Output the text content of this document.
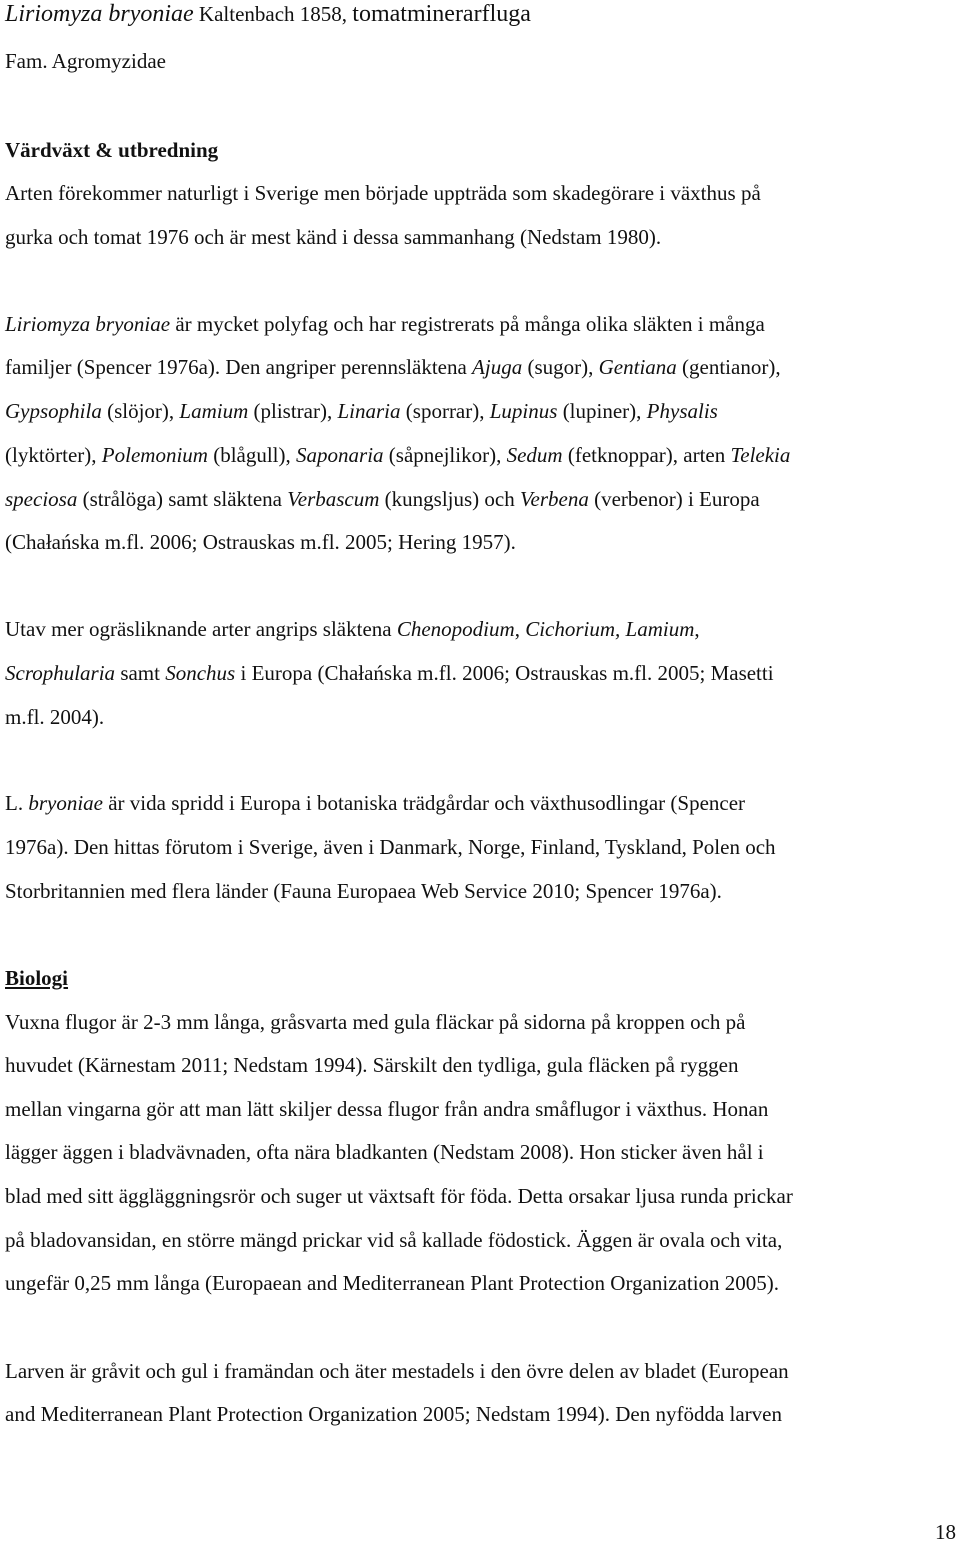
Liriomyza bryoniae Kaltenbach 1858, tomatminerarfluga
Fam. Agromyzidae
Värdväxt & utbredning
Arten förekommer naturligt i Sverige men började uppträda som skadegörare i växthus på
gurka och tomat 1976 och är mest känd i dessa sammanhang (Nedstam 1980).
Liriomyza bryoniae är mycket polyfag och har registrerats på många olika släkten i många
familjer (Spencer 1976a). Den angriper perennsläktena Ajuga (sugor), Gentiana (gentianor),
Gypsophila (slöjor), Lamium (plistrar), Linaria (sporrar), Lupinus (lupiner), Physalis
(lyktörter), Polemonium (blågull), Saponaria (såpnejlikor), Sedum (fetknoppar), arten Telekia
speciosa (strålöga) samt släktena Verbascum (kungsljus) och Verbena (verbenor) i Europa
(Chałańska m.fl. 2006; Ostrauskas m.fl. 2005; Hering 1957).
Utav mer ogräsliknande arter angrips släktena Chenopodium, Cichorium, Lamium,
Scrophularia samt Sonchus i Europa (Chałańska m.fl. 2006; Ostrauskas m.fl. 2005; Masetti
m.fl. 2004).
L. bryoniae är vida spridd i Europa i botaniska trädgårdar och växthusodlingar (Spencer
1976a). Den hittas förutom i Sverige, även i Danmark, Norge, Finland, Tyskland, Polen och
Storbritannien med flera länder (Fauna Europaea Web Service 2010; Spencer 1976a).
Biologi
Vuxna flugor är 2-3 mm långa, gråsvarta med gula fläckar på sidorna på kroppen och på
huvudet (Kärnestam 2011; Nedstam 1994). Särskilt den tydliga, gula fläcken på ryggen
mellan vingarna gör att man lätt skiljer dessa flugor från andra småflugor i växthus. Honan
lägger äggen i bladvävnaden, ofta nära bladkanten (Nedstam 2008). Hon sticker även hål i
blad med sitt äggläggningsrör och suger ut växtsaft för föda. Detta orsakar ljusa runda prickar
på bladovansidan, en större mängd prickar vid så kallade födostick. Äggen är ovala och vita,
ungefär 0,25 mm långa (Europaean and Mediterranean Plant Protection Organization 2005).
Larven är gråvit och gul i framändan och äter mestadels i den övre delen av bladet (European
and Mediterranean Plant Protection Organization 2005; Nedstam 1994). Den nyfödda larven
18
